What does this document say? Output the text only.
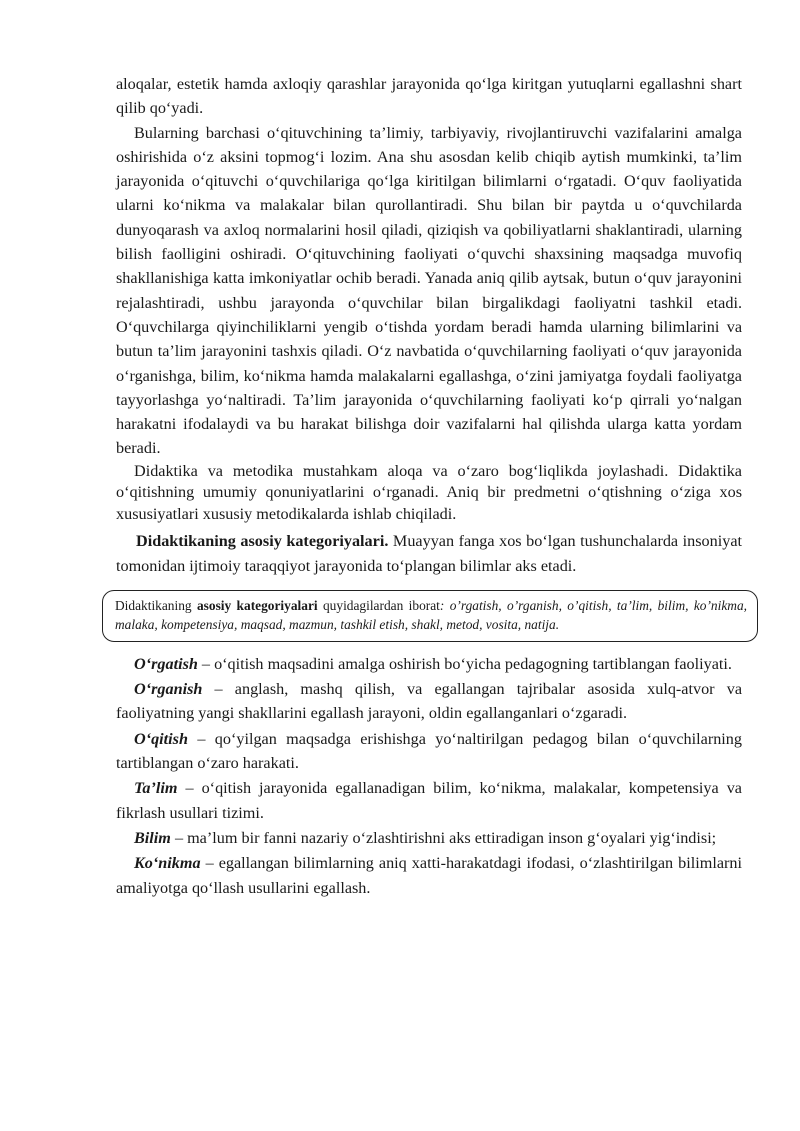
aloqalar, estetik hamda axloqiy qarashlar jarayonida qo‘lga kiritgan yutuqlarni egallashni shart qilib qo‘yadi.

Bularning barchasi o‘qituvchining ta’limiy, tarbiyaviy, rivojlantiruvchi vazifalarini amalga oshirishida o‘z aksini topmog‘i lozim. Ana shu asosdan kelib chiqib aytish mumkinki, ta’lim jarayonida o‘qituvchi o‘quvchilariga qo‘lga kiritilgan bilimlarni o‘rgatadi. O‘quv faoliyatida ularni ko‘nikma va malakalar bilan qurollantiradi. Shu bilan bir paytda u o‘quvchilarda dunyoqarash va axloq normalarini hosil qiladi, qiziqish va qobiliyatlarni shaklantiradi, ularning bilish faolligini oshiradi. O‘qituvchining faoliyati o‘quvchi shaxsining maqsadga muvofiq shakllanishiga katta imkoniyatlar ochib beradi. Yanada aniq qilib aytsak, butun o‘quv jarayonini rejalashtiradi, ushbu jarayonda o‘quvchilar bilan birgalikdagi faoliyatni tashkil etadi. O‘quvchilarga qiyinchiliklarni yengib o‘tishda yordam beradi hamda ularning bilimlarini va butun ta’lim jarayonini tashxis qiladi. O‘z navbatida o‘quvchilarning faoliyati o‘quv jarayonida o‘rganishga, bilim, ko‘nikma hamda malakalarni egallashga, o‘zini jamiyatga foydali faoliyatga tayyorlashga yo‘naltiradi. Ta’lim jarayonida o‘quvchilarning faoliyati ko‘p qirrali yo‘nalgan harakatni ifodalaydi va bu harakat bilishga doir vazifalarni hal qilishda ularga katta yordam beradi.

Didaktika va metodika mustahkam aloqa va o‘zaro bog‘liqlikda joylashadi. Didaktika o‘qitishning umumiy qonuniyatlarini o‘rganadi. Aniq bir predmetni o‘qtishning o‘ziga xos xususiyatlari xususiy metodikalarda ishlab chiqiladi.

Didaktikaning asosiy kategoriyalari. Muayyan fanga xos bo‘lgan tushunchalarda insoniyat tomonidan ijtimoiy taraqqiyot jarayonida to‘plangan bilimlar aks etadi.

Didaktikaning asosiy kategoriyalari quyidagilardan iborat: o’rgatish, o’rganish, o’qitish, ta’lim, bilim, ko’nikma, malaka, kompetensiya, maqsad, mazmun, tashkil etish, shakl, metod, vosita, natija.

O‘rgatish – o‘qitish maqsadini amalga oshirish bo‘yicha pedagogning tartiblangan faoliyati.

O‘rganish – anglash, mashq qilish, va egallangan tajribalar asosida xulq-atvor va faoliyatning yangi shakllarini egallash jarayoni, oldin egallanganlari o‘zgaradi.

O‘qitish – qo‘yilgan maqsadga erishishga yo‘naltirilgan pedagog bilan o‘quvchilarning tartiblangan o‘zaro harakati.

Ta’lim – o‘qitish jarayonida egallanadigan bilim, ko‘nikma, malakalar, kompetensiya va fikrlash usullari tizimi.

Bilim – ma’lum bir fanni nazariy o‘zlashtirishni aks ettiradigan inson g‘oyalari yig‘indisi;

Ko‘nikma – egallangan bilimlarning aniq xatti-harakatdagi ifodasi, o‘zlashtirilgan bilimlarni amaliyotga qo‘llash usullarini egallash.
